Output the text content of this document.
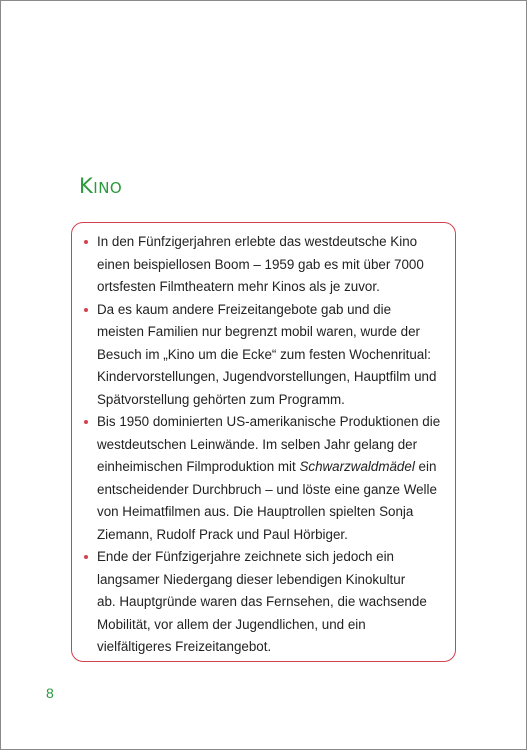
Kino
In den Fünfzigerjahren erlebte das westdeutsche Kino
einen beispiellosen Boom – 1959 gab es mit über 7000
ortsfesten Filmtheatern mehr Kinos als je zuvor.
Da es kaum andere Freizeitangebote gab und die
meisten Familien nur begrenzt mobil waren, wurde der
Besuch im „Kino um die Ecke“ zum festen Wochenritual:
Kindervorstellungen, Jugendvorstellungen, Hauptfilm und
Spätvorstellung gehörten zum Programm.
Bis 1950 dominierten US-amerikanische Produktionen die
westdeutschen Leinwände. Im selben Jahr gelang der
einheimischen Filmproduktion mit Schwarzwaldmädel ein
entscheidender Durchbruch – und löste eine ganze Welle
von Heimatfilmen aus. Die Hauptrollen spielten Sonja
Ziemann, Rudolf Prack und Paul Hörbiger.
Ende der Fünfzigerjahre zeichnete sich jedoch ein
langsamer Niedergang dieser lebendigen Kinokultur
ab. Hauptgründe waren das Fernsehen, die wachsende
Mobilität, vor allem der Jugendlichen, und ein
vielfältigeres Freizeitangebot.
8
